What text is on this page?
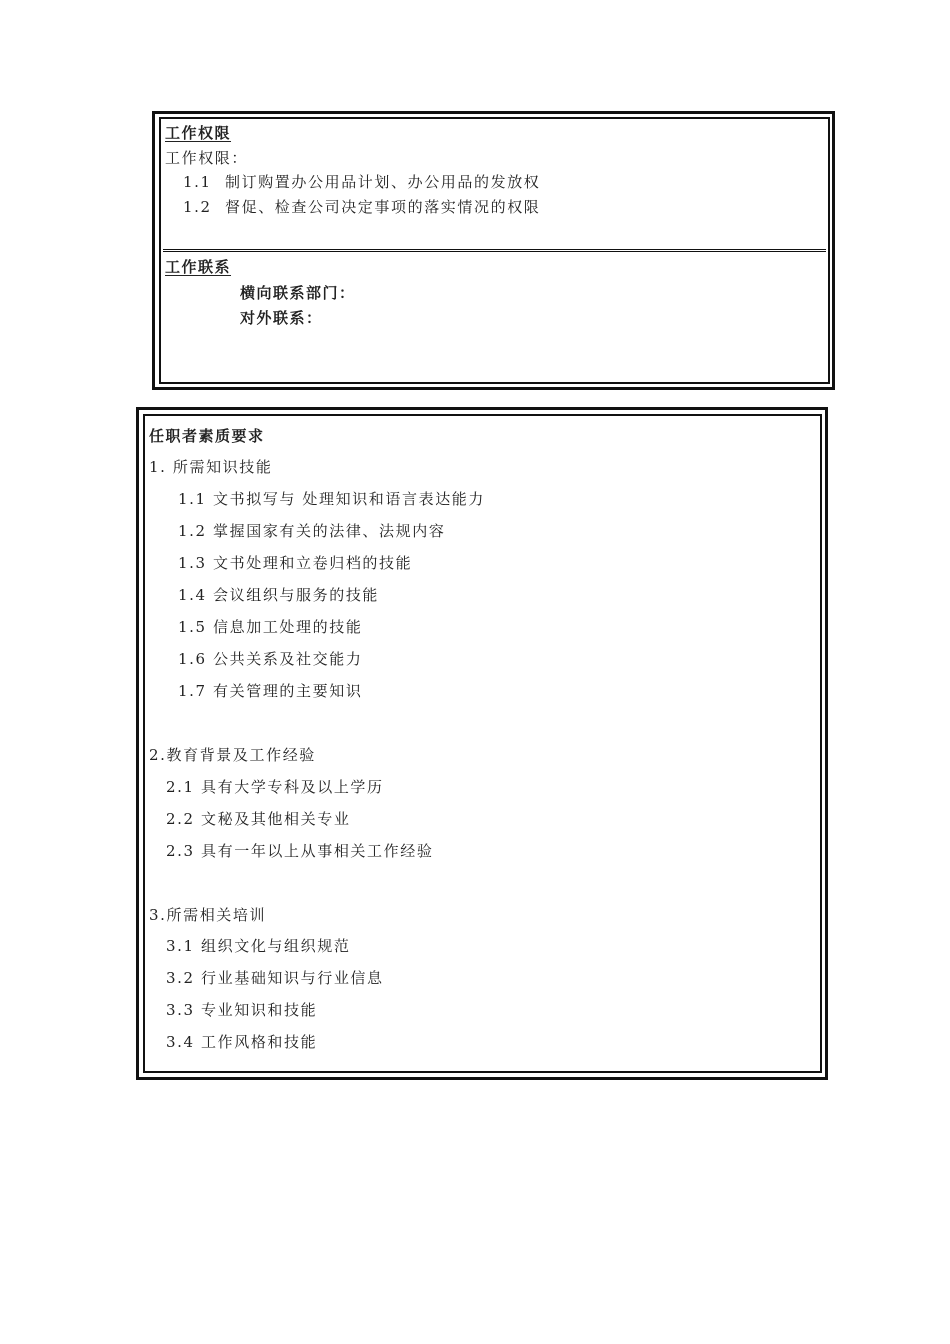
工作权限
工作权限：
1.1 制订购置办公用品计划、办公用品的发放权
1.2 督促、检查公司决定事项的落实情况的权限
工作联系
横向联系部门：
对外联系：
任职者素质要求
1. 所需知识技能
1.1 文书拟写与 处理知识和语言表达能力
1.2 掌握国家有关的法律、法规内容
1.3 文书处理和立卷归档的技能
1.4 会议组织与服务的技能
1.5 信息加工处理的技能
1.6 公共关系及社交能力
1.7 有关管理的主要知识
2.教育背景及工作经验
2.1 具有大学专科及以上学历
2.2 文秘及其他相关专业
2.3 具有一年以上从事相关工作经验
3.所需相关培训
3.1 组织文化与组织规范
3.2 行业基础知识与行业信息
3.3 专业知识和技能
3.4 工作风格和技能
